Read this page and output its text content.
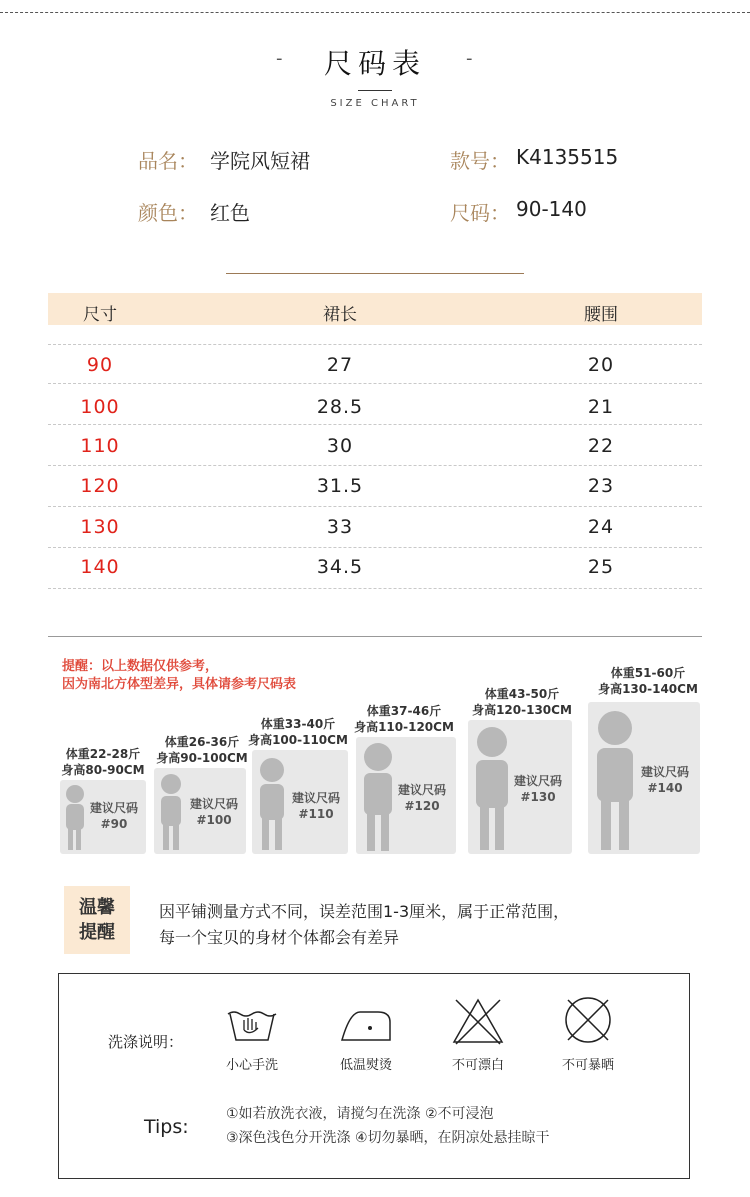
-	尺码表	-
SIZE CHART
品名： 学院风短裙	款号： K4135515
颜色： 红色	尺码： 90-140
尺寸	裙长	腰围
90	27	20
100	28.5	21
110	30	22
120	31.5	23
130	33	24
140	34.5	25
提醒：以上数据仅供参考，
因为南北方体型差异，具体请参考尺码表
体重22-28斤
身高80-90CM
建议尺码
#90
体重26-36斤
身高90-100CM
建议尺码
#100
体重33-40斤
身高100-110CM
建议尺码
#110
体重37-46斤
身高110-120CM
建议尺码
#120
体重43-50斤
身高120-130CM
建议尺码
#130
体重51-60斤
身高130-140CM
建议尺码
#140
温馨
提醒
因平铺测量方式不同，误差范围1-3厘米，属于正常范围，
每一个宝贝的身材个体都会有差异
洗涤说明：
小心手洗	低温熨烫	不可漂白	不可暴晒
Tips:
①如若放洗衣液，请搅匀在洗涤 ②不可浸泡
③深色浅色分开洗涤 ④切勿暴晒，在阴凉处悬挂晾干
